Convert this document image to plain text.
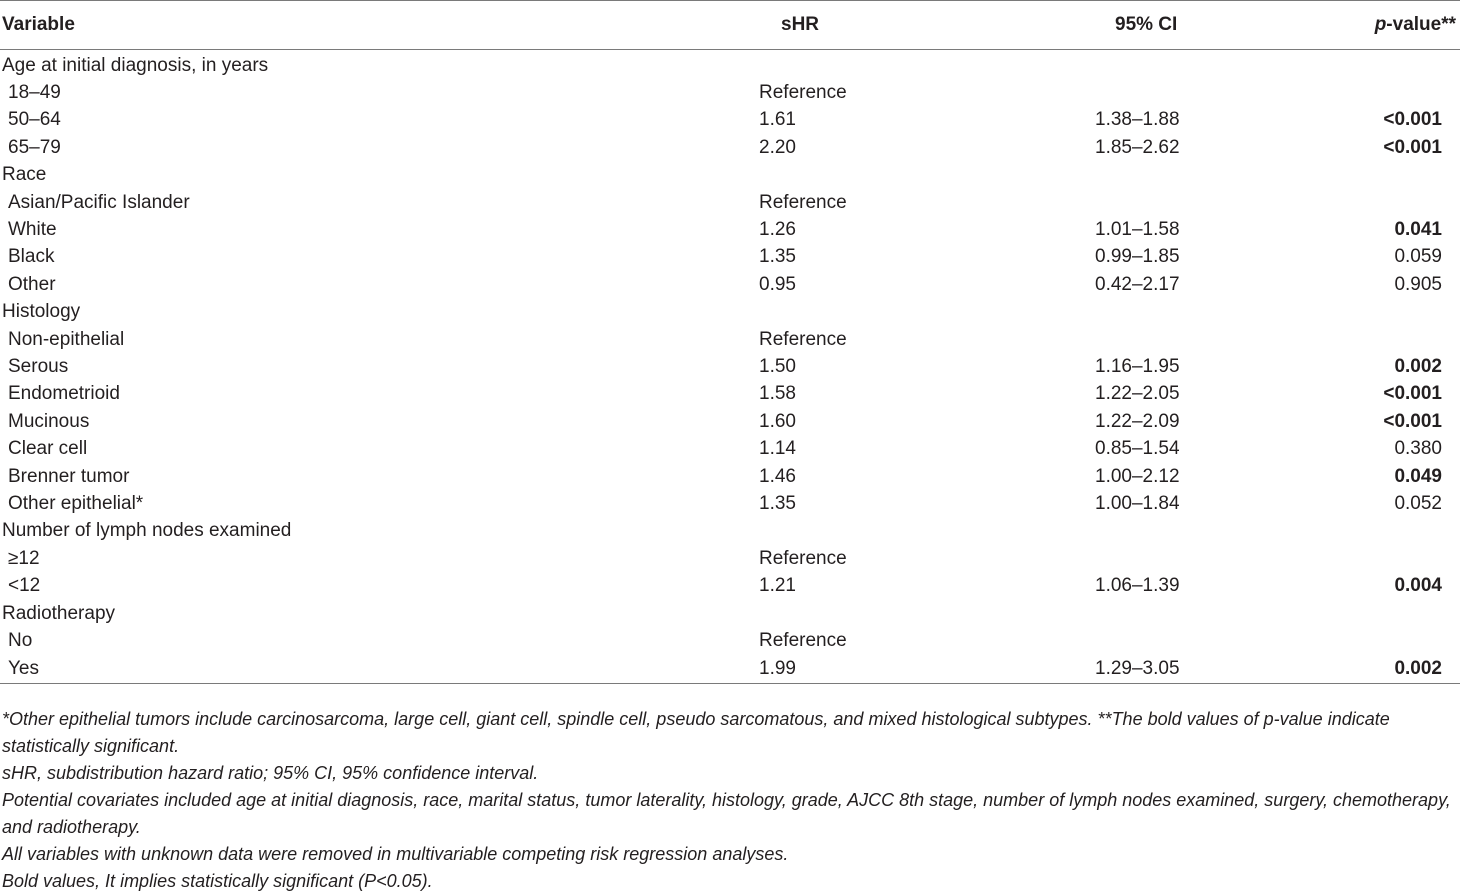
Variable	sHR	95% CI	p-value**
Age at initial diagnosis, in years			
18–49	Reference		
50–64	1.61	1.38–1.88	<0.001
65–79	2.20	1.85–2.62	<0.001
Race			
Asian/Pacific Islander	Reference		
White	1.26	1.01–1.58	0.041
Black	1.35	0.99–1.85	0.059
Other	0.95	0.42–2.17	0.905
Histology			
Non-epithelial	Reference		
Serous	1.50	1.16–1.95	0.002
Endometrioid	1.58	1.22–2.05	<0.001
Mucinous	1.60	1.22–2.09	<0.001
Clear cell	1.14	0.85–1.54	0.380
Brenner tumor	1.46	1.00–2.12	0.049
Other epithelial*	1.35	1.00–1.84	0.052
Number of lymph nodes examined			
≥12	Reference		
<12	1.21	1.06–1.39	0.004
Radiotherapy			
No	Reference		
Yes	1.99	1.29–3.05	0.002

*Other epithelial tumors include carcinosarcoma, large cell, giant cell, spindle cell, pseudo sarcomatous, and mixed histological subtypes. **The bold values of p-value indicate statistically significant.

sHR, subdistribution hazard ratio; 95% CI, 95% confidence interval.

Potential covariates included age at initial diagnosis, race, marital status, tumor laterality, histology, grade, AJCC 8th stage, number of lymph nodes examined, surgery, chemotherapy, and radiotherapy.

All variables with unknown data were removed in multivariable competing risk regression analyses.

Bold values, It implies statistically significant (P<0.05).
